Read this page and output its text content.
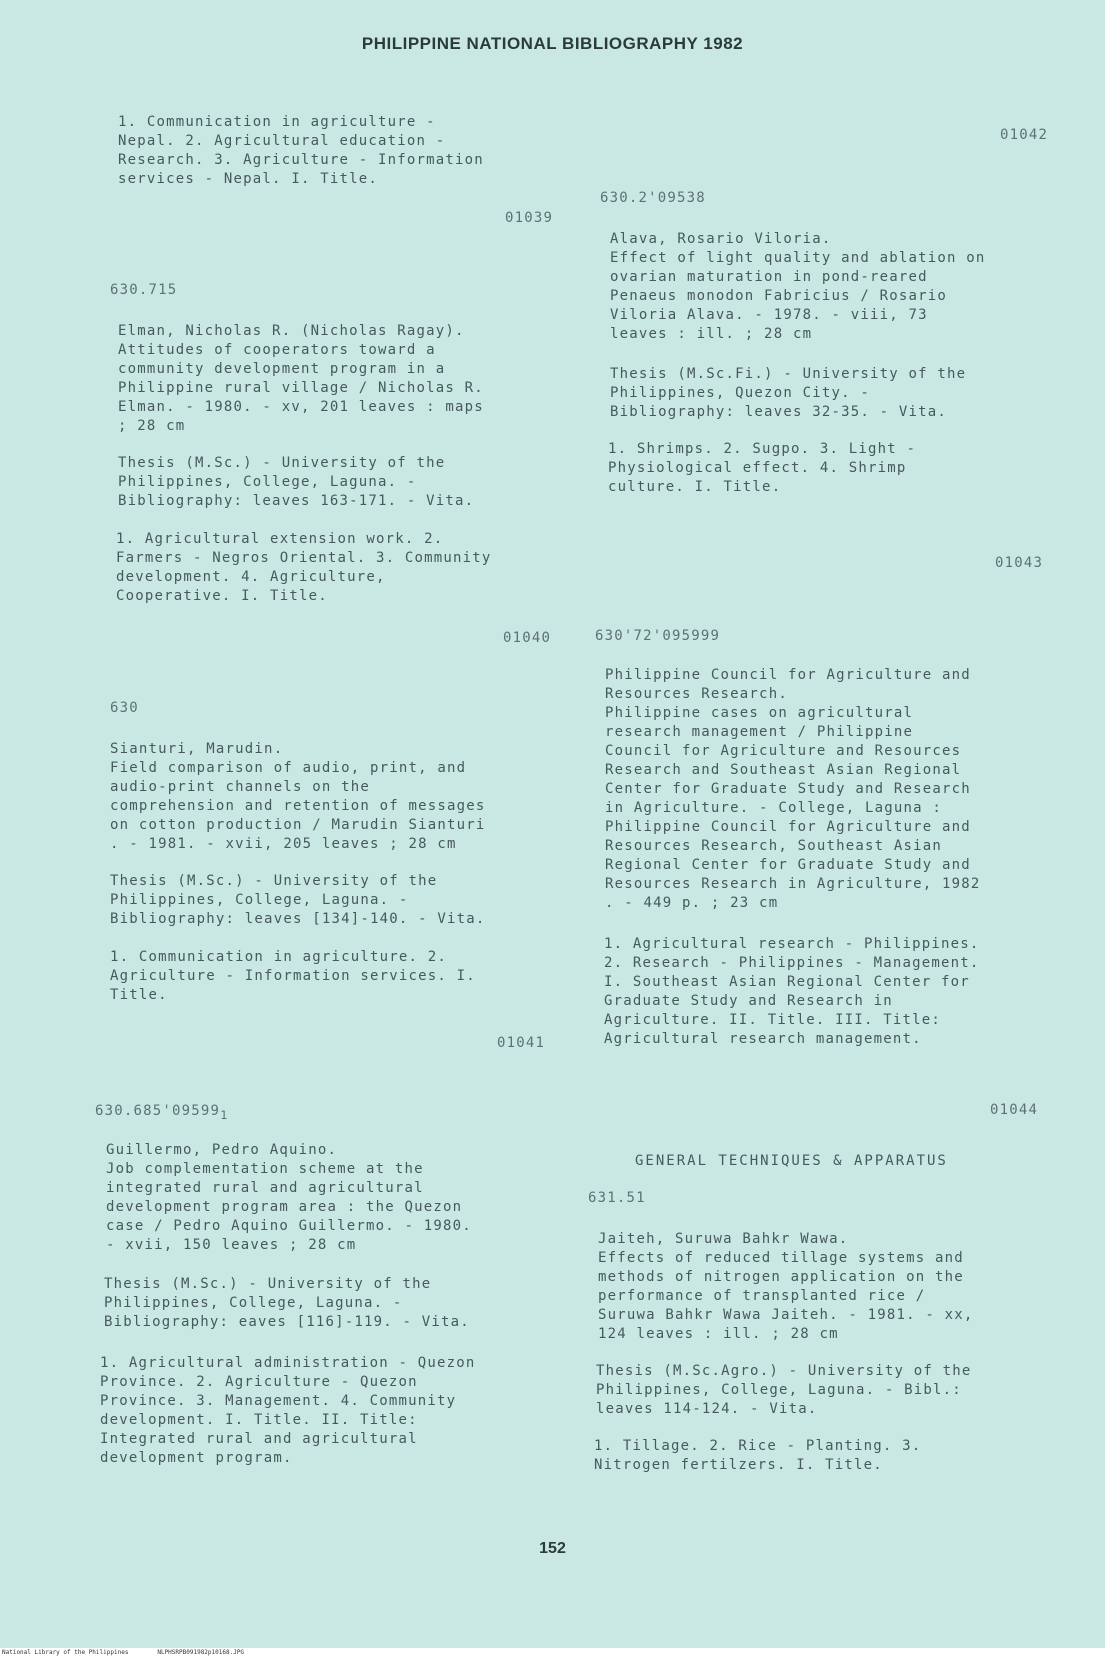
PHILIPPINE NATIONAL BIBLIOGRAPHY 1982
1. Communication in agriculture -
Nepal. 2. Agricultural education -
Research. 3. Agriculture - Information
services - Nepal. I. Title.
01039
630.715
Elman, Nicholas R. (Nicholas Ragay).
Attitudes of cooperators toward a
community development program in a
Philippine rural village / Nicholas R.
Elman. - 1980. - xv, 201 leaves : maps
; 28 cm
Thesis (M.Sc.) - University of the
Philippines, College, Laguna. -
Bibliography: leaves 163-171. - Vita.
1. Agricultural extension work. 2.
Farmers - Negros Oriental. 3. Community
development. 4. Agriculture,
Cooperative. I. Title.
01040
630
Sianturi, Marudin.
Field comparison of audio, print, and
audio-print channels on the
comprehension and retention of messages
on cotton production / Marudin Sianturi
. - 1981. - xvii, 205 leaves ; 28 cm
Thesis (M.Sc.) - University of the
Philippines, College, Laguna. -
Bibliography: leaves [134]-140. - Vita.
1. Communication in agriculture. 2.
Agriculture - Information services. I.
Title.
01041
$630.685'09599_1$
Guillermo, Pedro Aquino.
Job complementation scheme at the
integrated rural and agricultural
development program area : the Quezon
case / Pedro Aquino Guillermo. - 1980.
- xvii, 150 leaves ; 28 cm
Thesis (M.Sc.) - University of the
Philippines, College, Laguna. -
Bibliography: eaves [116]-119. - Vita.
1. Agricultural administration - Quezon
Province. 2. Agriculture - Quezon
Province. 3. Management. 4. Community
development. I. Title. II. Title:
Integrated rural and agricultural
development program.
01042
630.2'09538
Alava, Rosario Viloria.
Effect of light quality and ablation on
ovarian maturation in pond-reared
Penaeus monodon Fabricius / Rosario
Viloria Alava. - 1978. - viii, 73
leaves : ill. ; 28 cm
Thesis (M.Sc.Fi.) - University of the
Philippines, Quezon City. -
Bibliography: leaves 32-35. - Vita.
1. Shrimps. 2. Sugpo. 3. Light -
Physiological effect. 4. Shrimp
culture. I. Title.
01043
630'72'095999
Philippine Council for Agriculture and
Resources Research.
Philippine cases on agricultural
research management / Philippine
Council for Agriculture and Resources
Research and Southeast Asian Regional
Center for Graduate Study and Research
in Agriculture. - College, Laguna :
Philippine Council for Agriculture and
Resources Research, Southeast Asian
Regional Center for Graduate Study and
Resources Research in Agriculture, 1982
. - 449 p. ; 23 cm
1. Agricultural research - Philippines.
2. Research - Philippines - Management.
I. Southeast Asian Regional Center for
Graduate Study and Research in
Agriculture. II. Title. III. Title:
Agricultural research management.
01044
GENERAL TECHNIQUES & APPARATUS
631.51
Jaiteh, Suruwa Bahkr Wawa.
Effects of reduced tillage systems and
methods of nitrogen application on the
performance of transplanted rice /
Suruwa Bahkr Wawa Jaiteh. - 1981. - xx,
124 leaves : ill. ; 28 cm
Thesis (M.Sc.Agro.) - University of the
Philippines, College, Laguna. - Bibl.:
leaves 114-124. - Vita.
1. Tillage. 2. Rice - Planting. 3.
Nitrogen fertilzers. I. Title.
152
National Library of the Philippines	NLPHSRPB091982p10168.JPG
